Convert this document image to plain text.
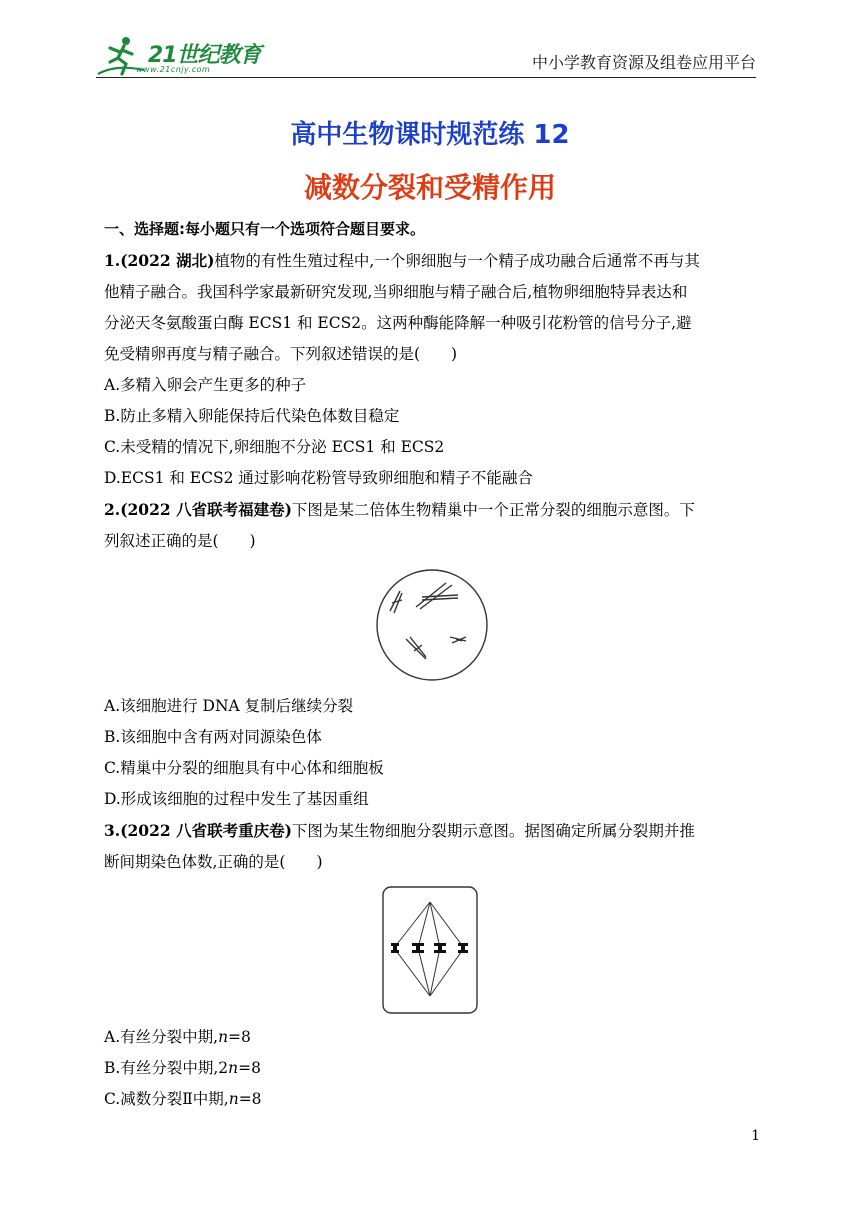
21世纪教育
www.21cnjy.com	中小学教育资源及组卷应用平台
高中生物课时规范练 12
减数分裂和受精作用
一、选择题:每小题只有一个选项符合题目要求。
1.(2022 湖北)植物的有性生殖过程中,一个卵细胞与一个精子成功融合后通常不再与其
他精子融合。我国科学家最新研究发现,当卵细胞与精子融合后,植物卵细胞特异表达和
分泌天冬氨酸蛋白酶 ECS1 和 ECS2。这两种酶能降解一种吸引花粉管的信号分子,避
免受精卵再度与精子融合。下列叙述错误的是(　　)
A.多精入卵会产生更多的种子
B.防止多精入卵能保持后代染色体数目稳定
C.未受精的情况下,卵细胞不分泌 ECS1 和 ECS2
D.ECS1 和 ECS2 通过影响花粉管导致卵细胞和精子不能融合
2.(2022 八省联考福建卷)下图是某二倍体生物精巢中一个正常分裂的细胞示意图。下
列叙述正确的是(　　)
A.该细胞进行 DNA 复制后继续分裂
B.该细胞中含有两对同源染色体
C.精巢中分裂的细胞具有中心体和细胞板
D.形成该细胞的过程中发生了基因重组
3.(2022 八省联考重庆卷)下图为某生物细胞分裂期示意图。据图确定所属分裂期并推
断间期染色体数,正确的是(　　)
A.有丝分裂中期,n=8
B.有丝分裂中期,2n=8
C.减数分裂Ⅱ中期,n=8
1
